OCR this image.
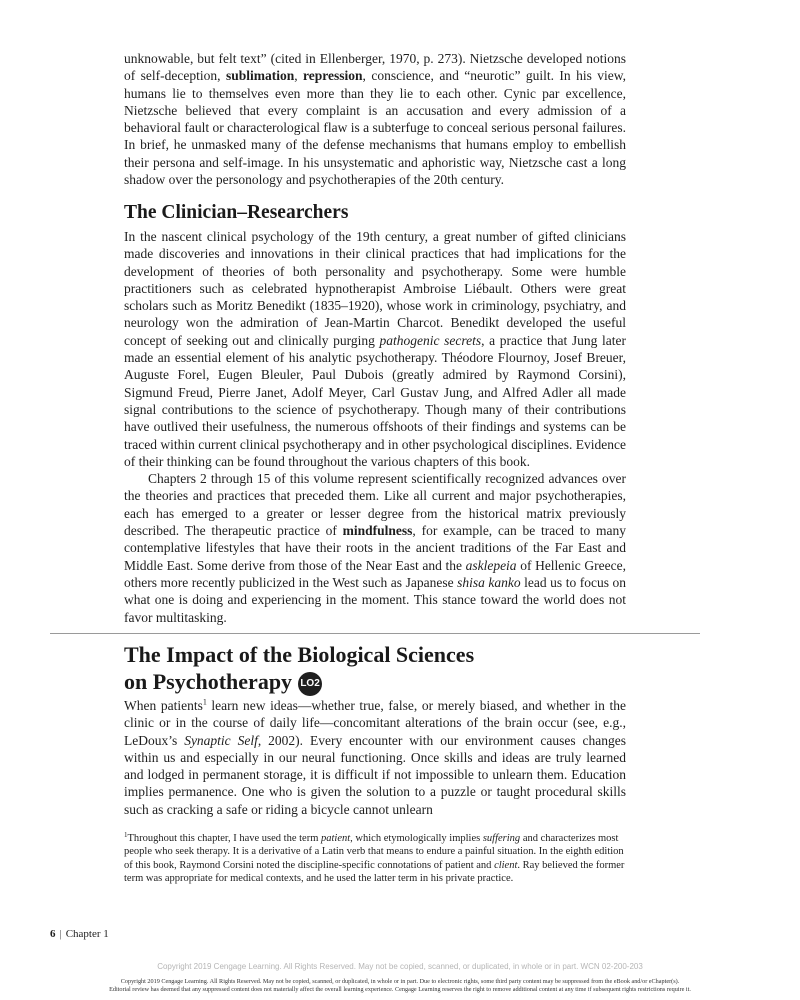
unknowable, but felt text” (cited in Ellenberger, 1970, p. 273). Nietzsche developed notions of self-deception, sublimation, repression, conscience, and “neurotic” guilt. In his view, humans lie to themselves even more than they lie to each other. Cynic par excellence, Nietzsche believed that every complaint is an accusation and every admission of a behavioral fault or characterological flaw is a subterfuge to conceal serious personal failures. In brief, he unmasked many of the defense mechanisms that humans employ to embellish their persona and self-image. In his unsystematic and aphoristic way, Nietzsche cast a long shadow over the personology and psychotherapies of the 20th century.

The Clinician–Researchers

In the nascent clinical psychology of the 19th century, a great number of gifted clinicians made discoveries and innovations in their clinical practices that had implications for the development of theories of both personality and psychotherapy. Some were humble practitioners such as celebrated hypnotherapist Ambroise Liébault. Others were great scholars such as Moritz Benedikt (1835–1920), whose work in criminology, psychiatry, and neurology won the admiration of Jean-Martin Charcot. Benedikt developed the useful concept of seeking out and clinically purging pathogenic secrets, a practice that Jung later made an essential element of his analytic psychotherapy. Théodore Flournoy, Josef Breuer, Auguste Forel, Eugen Bleuler, Paul Dubois (greatly admired by Raymond Corsini), Sigmund Freud, Pierre Janet, Adolf Meyer, Carl Gustav Jung, and Alfred Adler all made signal contributions to the science of psychotherapy. Though many of their contributions have outlived their usefulness, the numerous offshoots of their findings and systems can be traced within current clinical psychotherapy and in other psychological disciplines. Evidence of their thinking can be found throughout the various chapters of this book.

Chapters 2 through 15 of this volume represent scientifically recognized advances over the theories and practices that preceded them. Like all current and major psychotherapies, each has emerged to a greater or lesser degree from the historical matrix previously described. The therapeutic practice of mindfulness, for example, can be traced to many contemplative lifestyles that have their roots in the ancient traditions of the Far East and Middle East. Some derive from those of the Near East and the asklepeia of Hellenic Greece, others more recently publicized in the West such as Japanese shisa kanko lead us to focus on what one is doing and experiencing in the moment. This stance toward the world does not favor multitasking.

The Impact of the Biological Sciences
on Psychotherapy LO2

When patients$^1$ learn new ideas—whether true, false, or merely biased, and whether in the clinic or in the course of daily life—concomitant alterations of the brain occur (see, e.g., LeDoux’s Synaptic Self, 2002). Every encounter with our environment causes changes within us and especially in our neural functioning. Once skills and ideas are truly learned and lodged in permanent storage, it is difficult if not impossible to unlearn them. Education implies permanence. One who is given the solution to a puzzle or taught procedural skills such as cracking a safe or riding a bicycle cannot unlearn

$^1$Throughout this chapter, I have used the term patient, which etymologically implies suffering and characterizes most people who seek therapy. It is a derivative of a Latin verb that means to endure a painful situation. In the eighth edition of this book, Raymond Corsini noted the discipline-specific connotations of patient and client. Ray believed the former term was appropriate for medical contexts, and he used the latter term in his private practice.

6 | Chapter 1
Copyright 2019 Cengage Learning. All Rights Reserved. May not be copied, scanned, or duplicated, in whole or in part. WCN 02-200-203
Copyright 2019 Cengage Learning. All Rights Reserved. May not be copied, scanned, or duplicated, in whole or in part. Due to electronic rights, some third party content may be suppressed from the eBook and/or eChapter(s).
Editorial review has deemed that any suppressed content does not materially affect the overall learning experience. Cengage Learning reserves the right to remove additional content at any time if subsequent rights restrictions require it.
